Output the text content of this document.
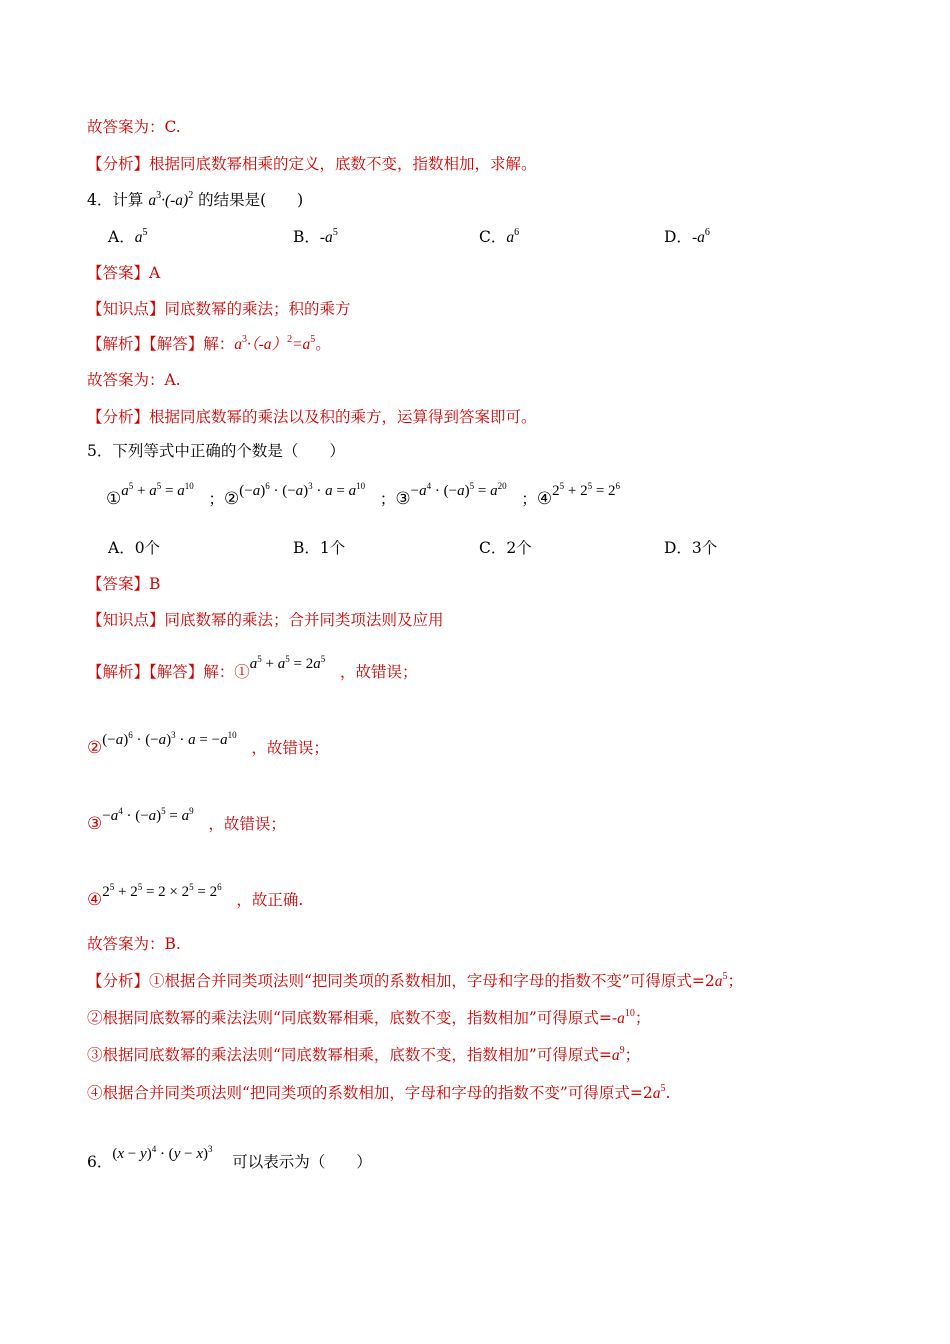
故答案为：C.
【分析】根据同底数幂相乘的定义，底数不变，指数相加，求解。
4．计算 $a^3\cdot(-a)^2$ 的结果是(　　)
A．$a^5$	B．$-a^5$	C．$a^6$	D．$-a^6$
【答案】A
【知识点】同底数幂的乘法；积的乘方
【解析】【解答】解：$a^3\cdot(-a)^2=a^5$。
故答案为：A.
【分析】根据同底数幂的乘法以及积的乘方，运算得到答案即可。
5．下列等式中正确的个数是（　　）
$①a^5 + a^5 = a^{10}$   ；$②(-a)^6 \cdot (-a)^3 \cdot a = a^{10}$   ；$③-a^4 \cdot (-a)^5 = a^{20}$   ；$④2^5 + 2^5 = 2^6$
A．0个	B．1个	C．2个	D．3个
【答案】B
【知识点】同底数幂的乘法；合并同类项法则及应用
【解析】【解答】解：$①a^5 + a^5 = 2a^5$   ，故错误；
$②(-a)^6 \cdot (-a)^3 \cdot a = -a^{10}$   ，故错误；
$③-a^4 \cdot (-a)^5 = a^9$   ，故错误；
$④2^5 + 2^5 = 2 \times 2^5 = 2^6$   ，故正确.
故答案为：B.
【分析】①根据合并同类项法则“把同类项的系数相加，字母和字母的指数不变”可得原式$=2a^5$；
②根据同底数幂的乘法法则“同底数幂相乘，底数不变，指数相加”可得原式$=-a^{10}$；
③根据同底数幂的乘法法则“同底数幂相乘，底数不变，指数相加”可得原式$=a^9$；
④根据合并同类项法则“把同类项的系数相加，字母和字母的指数不变”可得原式$=2a^5$.
6．$(x - y)^4 \cdot (y - x)^3$    可以表示为（　　）
